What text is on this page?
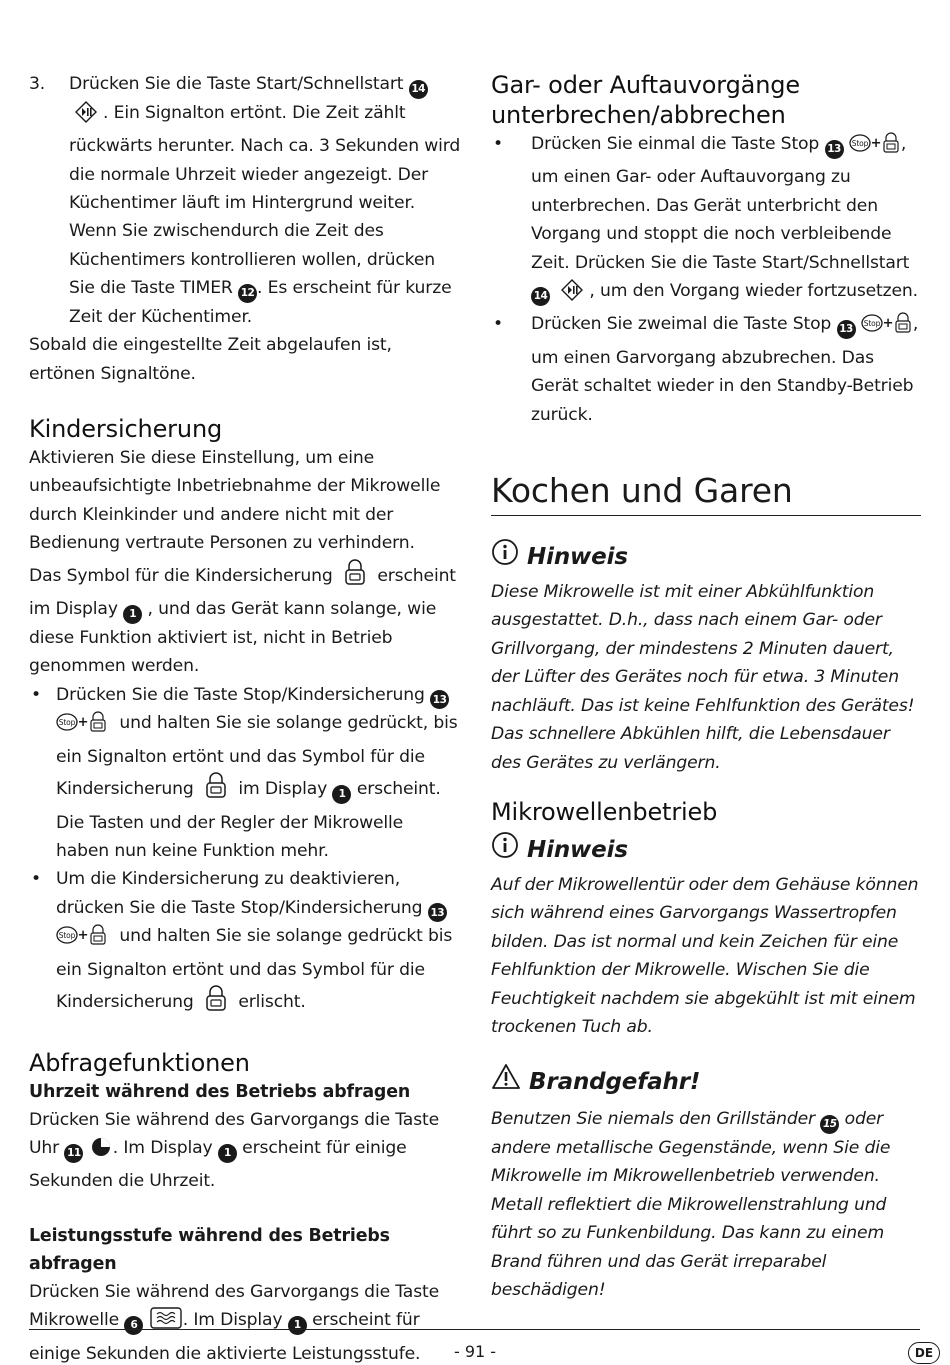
3.	Drücken Sie die Taste Start/Schnellstart 14 . Ein Signalton ertönt. Die Zeit zählt rückwärts herunter. Nach ca. 3 Sekunden wird die normale Uhrzeit wieder angezeigt. Der Küchentimer läuft im Hintergrund weiter.

Wenn Sie zwischendurch die Zeit des Küchentimers kontrollieren wollen, drücken Sie die Taste TIMER 12 . Es erscheint für kurze Zeit der Küchentimer.

Sobald die eingestellte Zeit abgelaufen ist, ertönen Signaltöne.

Kindersicherung

Aktivieren Sie diese Einstellung, um eine unbeaufsichtigte Inbetriebnahme der Mikrowelle durch Kleinkinder und andere nicht mit der Bedienung vertraute Personen zu verhindern.

Das Symbol für die Kindersicherung	erscheint im Display 1 , und das Gerät kann solange, wie diese Funktion aktiviert ist, nicht in Betrieb genommen werden.

• Drücken Sie die Taste Stop/Kindersicherung 13

Stop + und halten Sie sie solange gedrückt, bis ein Signalton ertönt und das Symbol für die Kindersicherung	im Display 1 erscheint. Die Tasten und der Regler der Mikrowelle haben nun keine Funktion mehr.
• Um die Kindersicherung zu deaktivieren, drücken Sie die Taste Stop/Kindersicherung 13

Stop + und halten Sie sie solange gedrückt bis ein Signalton ertönt und das Symbol für die Kindersicherung	erlischt.
Abfragefunktionen
Uhrzeit während des Betriebs abfragen

Drücken Sie während des Garvorgangs die Taste Uhr 11 . Im Display 1 erscheint für einige Sekunden die Uhrzeit.

Leistungsstufe während des Betriebs abfragen

Drücken Sie während des Garvorgangs die Taste Mikrowelle 6	. Im Display 1 erscheint für einige Sekunden die aktivierte Leistungsstufe.

Gar- oder Auftauvorgänge unterbrechen/abbrechen
• Drücken Sie einmal die Taste Stop 13 Stop + , um einen Gar- oder Auftauvorgang zu unterbrechen. Das Gerät unterbricht den Vorgang und stoppt die noch verbleibende Zeit. Drücken Sie die Taste Start/Schnellstart 14 , um den Vorgang wieder fortzusetzen.
• Drücken Sie zweimal die Taste Stop 13 Stop + , um einen Garvorgang abzubrechen. Das Gerät schaltet wieder in den Standby-Betrieb zurück.
Kochen und Garen
Hinweis

Diese Mikrowelle ist mit einer Abkühlfunktion ausgestattet. D.h., dass nach einem Gar- oder Grillvorgang, der mindestens 2 Minuten dauert, der Lüfter des Gerätes noch für etwa. 3 Minuten nachläuft. Das ist keine Fehlfunktion des Gerätes! Das schnellere Abkühlen hilft, die Lebensdauer des Gerätes zu verlängern.

Mikrowellenbetrieb
Hinweis

Auf der Mikrowellentür oder dem Gehäuse können sich während eines Garvorgangs Wassertropfen bilden. Das ist normal und kein Zeichen für eine Fehlfunktion der Mikrowelle. Wischen Sie die Feuchtigkeit nachdem sie abgekühlt ist mit einem trockenen Tuch ab.

Brandgefahr!

Benutzen Sie niemals den Grillständer 15 oder andere metallische Gegenstände, wenn Sie die Mikrowelle im Mikrowellenbetrieb verwenden. Metall reflektiert die Mikrowellenstrahlung und führt so zu Funkenbildung. Das kann zu einem Brand führen und das Gerät irreparabel beschädigen!

- 91 -	DE
